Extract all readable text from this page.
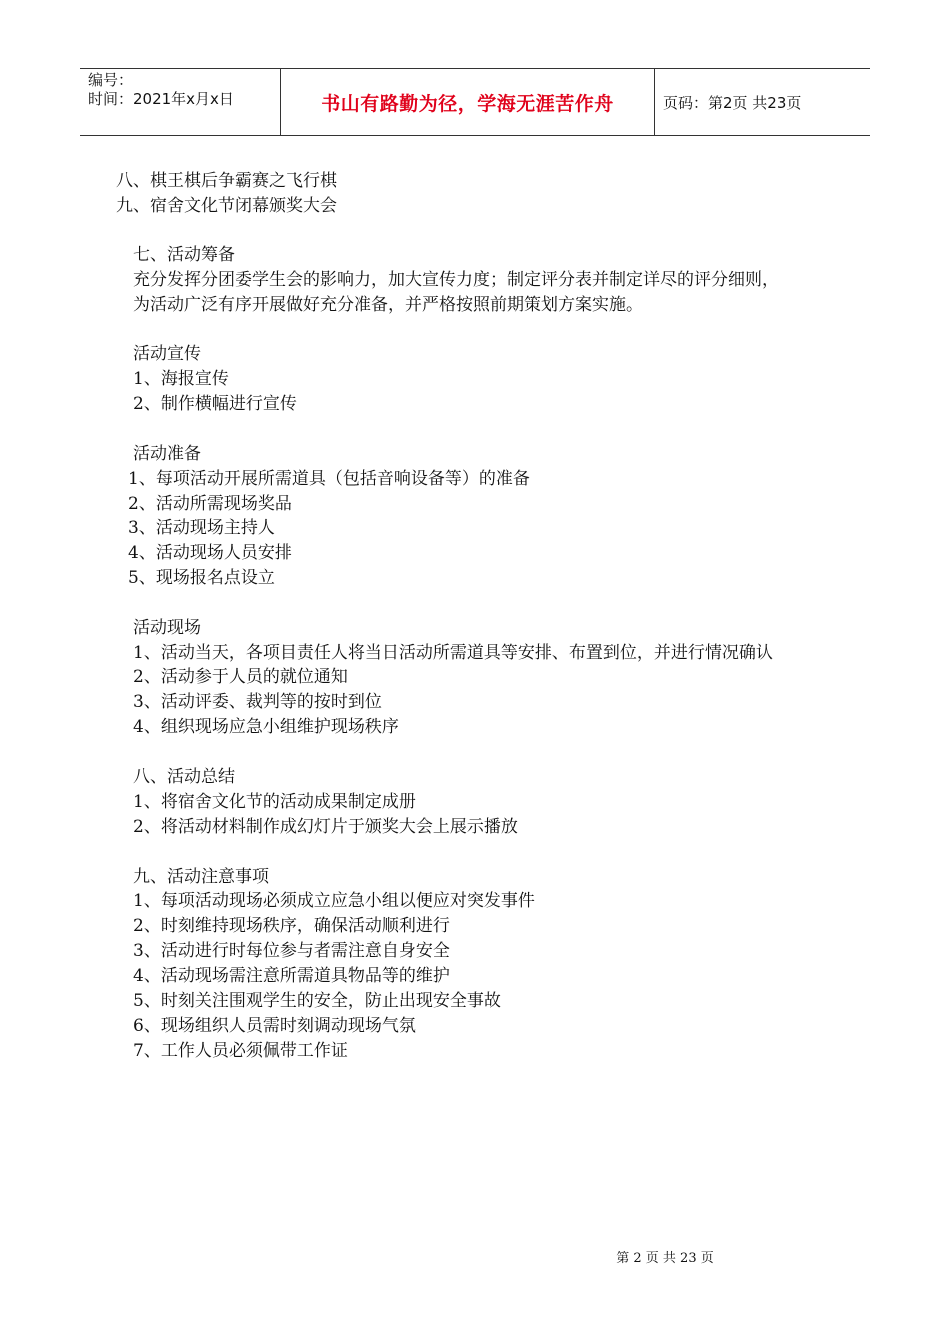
编号：
时间：2021年x月x日	书山有路勤为径，学海无涯苦作舟	页码：第2页 共23页
八、棋王棋后争霸赛之飞行棋
九、宿舍文化节闭幕颁奖大会
七、活动筹备
充分发挥分团委学生会的影响力，加大宣传力度；制定评分表并制定详尽的评分细则，
为活动广泛有序开展做好充分准备，并严格按照前期策划方案实施。
活动宣传
1、海报宣传
2、制作横幅进行宣传
活动准备
1、每项活动开展所需道具（包括音响设备等）的准备
2、活动所需现场奖品
3、活动现场主持人
4、活动现场人员安排
5、现场报名点设立
活动现场
1、活动当天，各项目责任人将当日活动所需道具等安排、布置到位，并进行情况确认
2、活动参于人员的就位通知
3、活动评委、裁判等的按时到位
4、组织现场应急小组维护现场秩序
八、活动总结
1、将宿舍文化节的活动成果制定成册
2、将活动材料制作成幻灯片于颁奖大会上展示播放
九、活动注意事项
1、每项活动现场必须成立应急小组以便应对突发事件
2、时刻维持现场秩序，确保活动顺利进行
3、活动进行时每位参与者需注意自身安全
4、活动现场需注意所需道具物品等的维护
5、时刻关注围观学生的安全，防止出现安全事故
6、现场组织人员需时刻调动现场气氛
7、工作人员必须佩带工作证
第 2 页 共 23 页
